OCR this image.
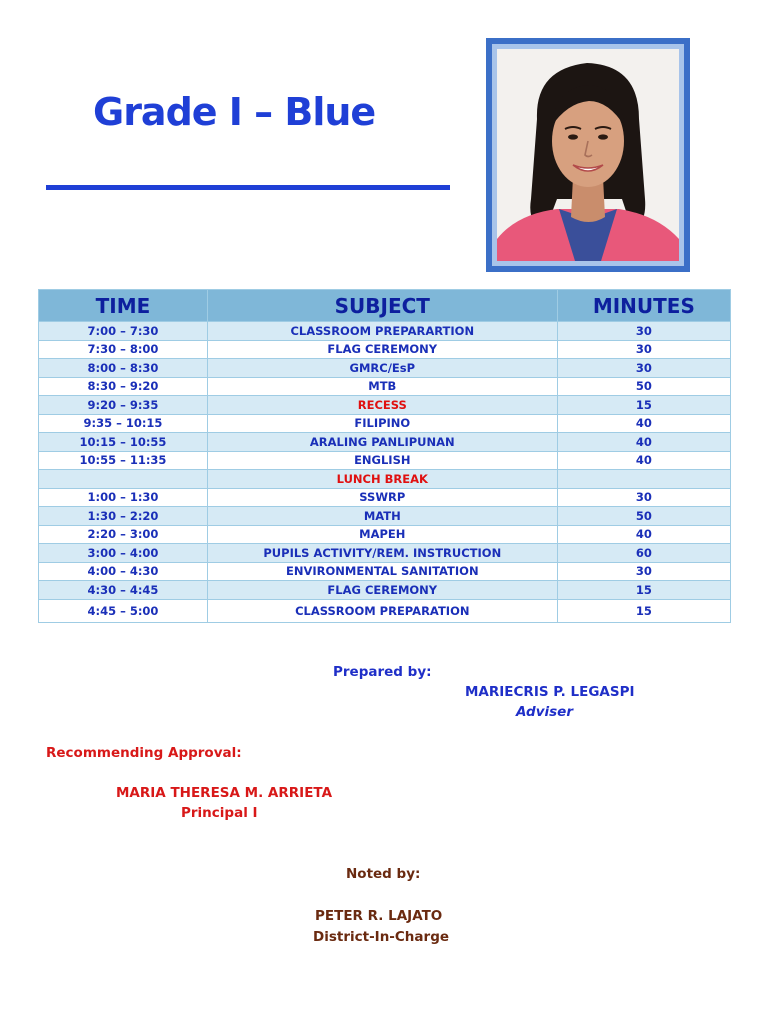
Grade I – Blue
TIME	SUBJECT	MINUTES
7:00 – 7:30	CLASSROOM PREPARARTION	30
7:30 – 8:00	FLAG CEREMONY	30
8:00 – 8:30	GMRC/EsP	30
8:30 – 9:20	MTB	50
9:20 – 9:35	RECESS	15
9:35 – 10:15	FILIPINO	40
10:15 – 10:55	ARALING PANLIPUNAN	40
10:55 – 11:35	ENGLISH	40
	LUNCH BREAK	
1:00 – 1:30	SSWRP	30
1:30 – 2:20	MATH	50
2:20 – 3:00	MAPEH	40
3:00 – 4:00	PUPILS ACTIVITY/REM. INSTRUCTION	60
4:00 – 4:30	ENVIRONMENTAL SANITATION	30
4:30 – 4:45	FLAG CEREMONY	15
4:45 – 5:00	CLASSROOM PREPARATION	15
Prepared by:
MARIECRIS P. LEGASPI
Adviser
Recommending Approval:
MARIA THERESA M. ARRIETA
Principal I
Noted by:
PETER R. LAJATO
District-In-Charge
